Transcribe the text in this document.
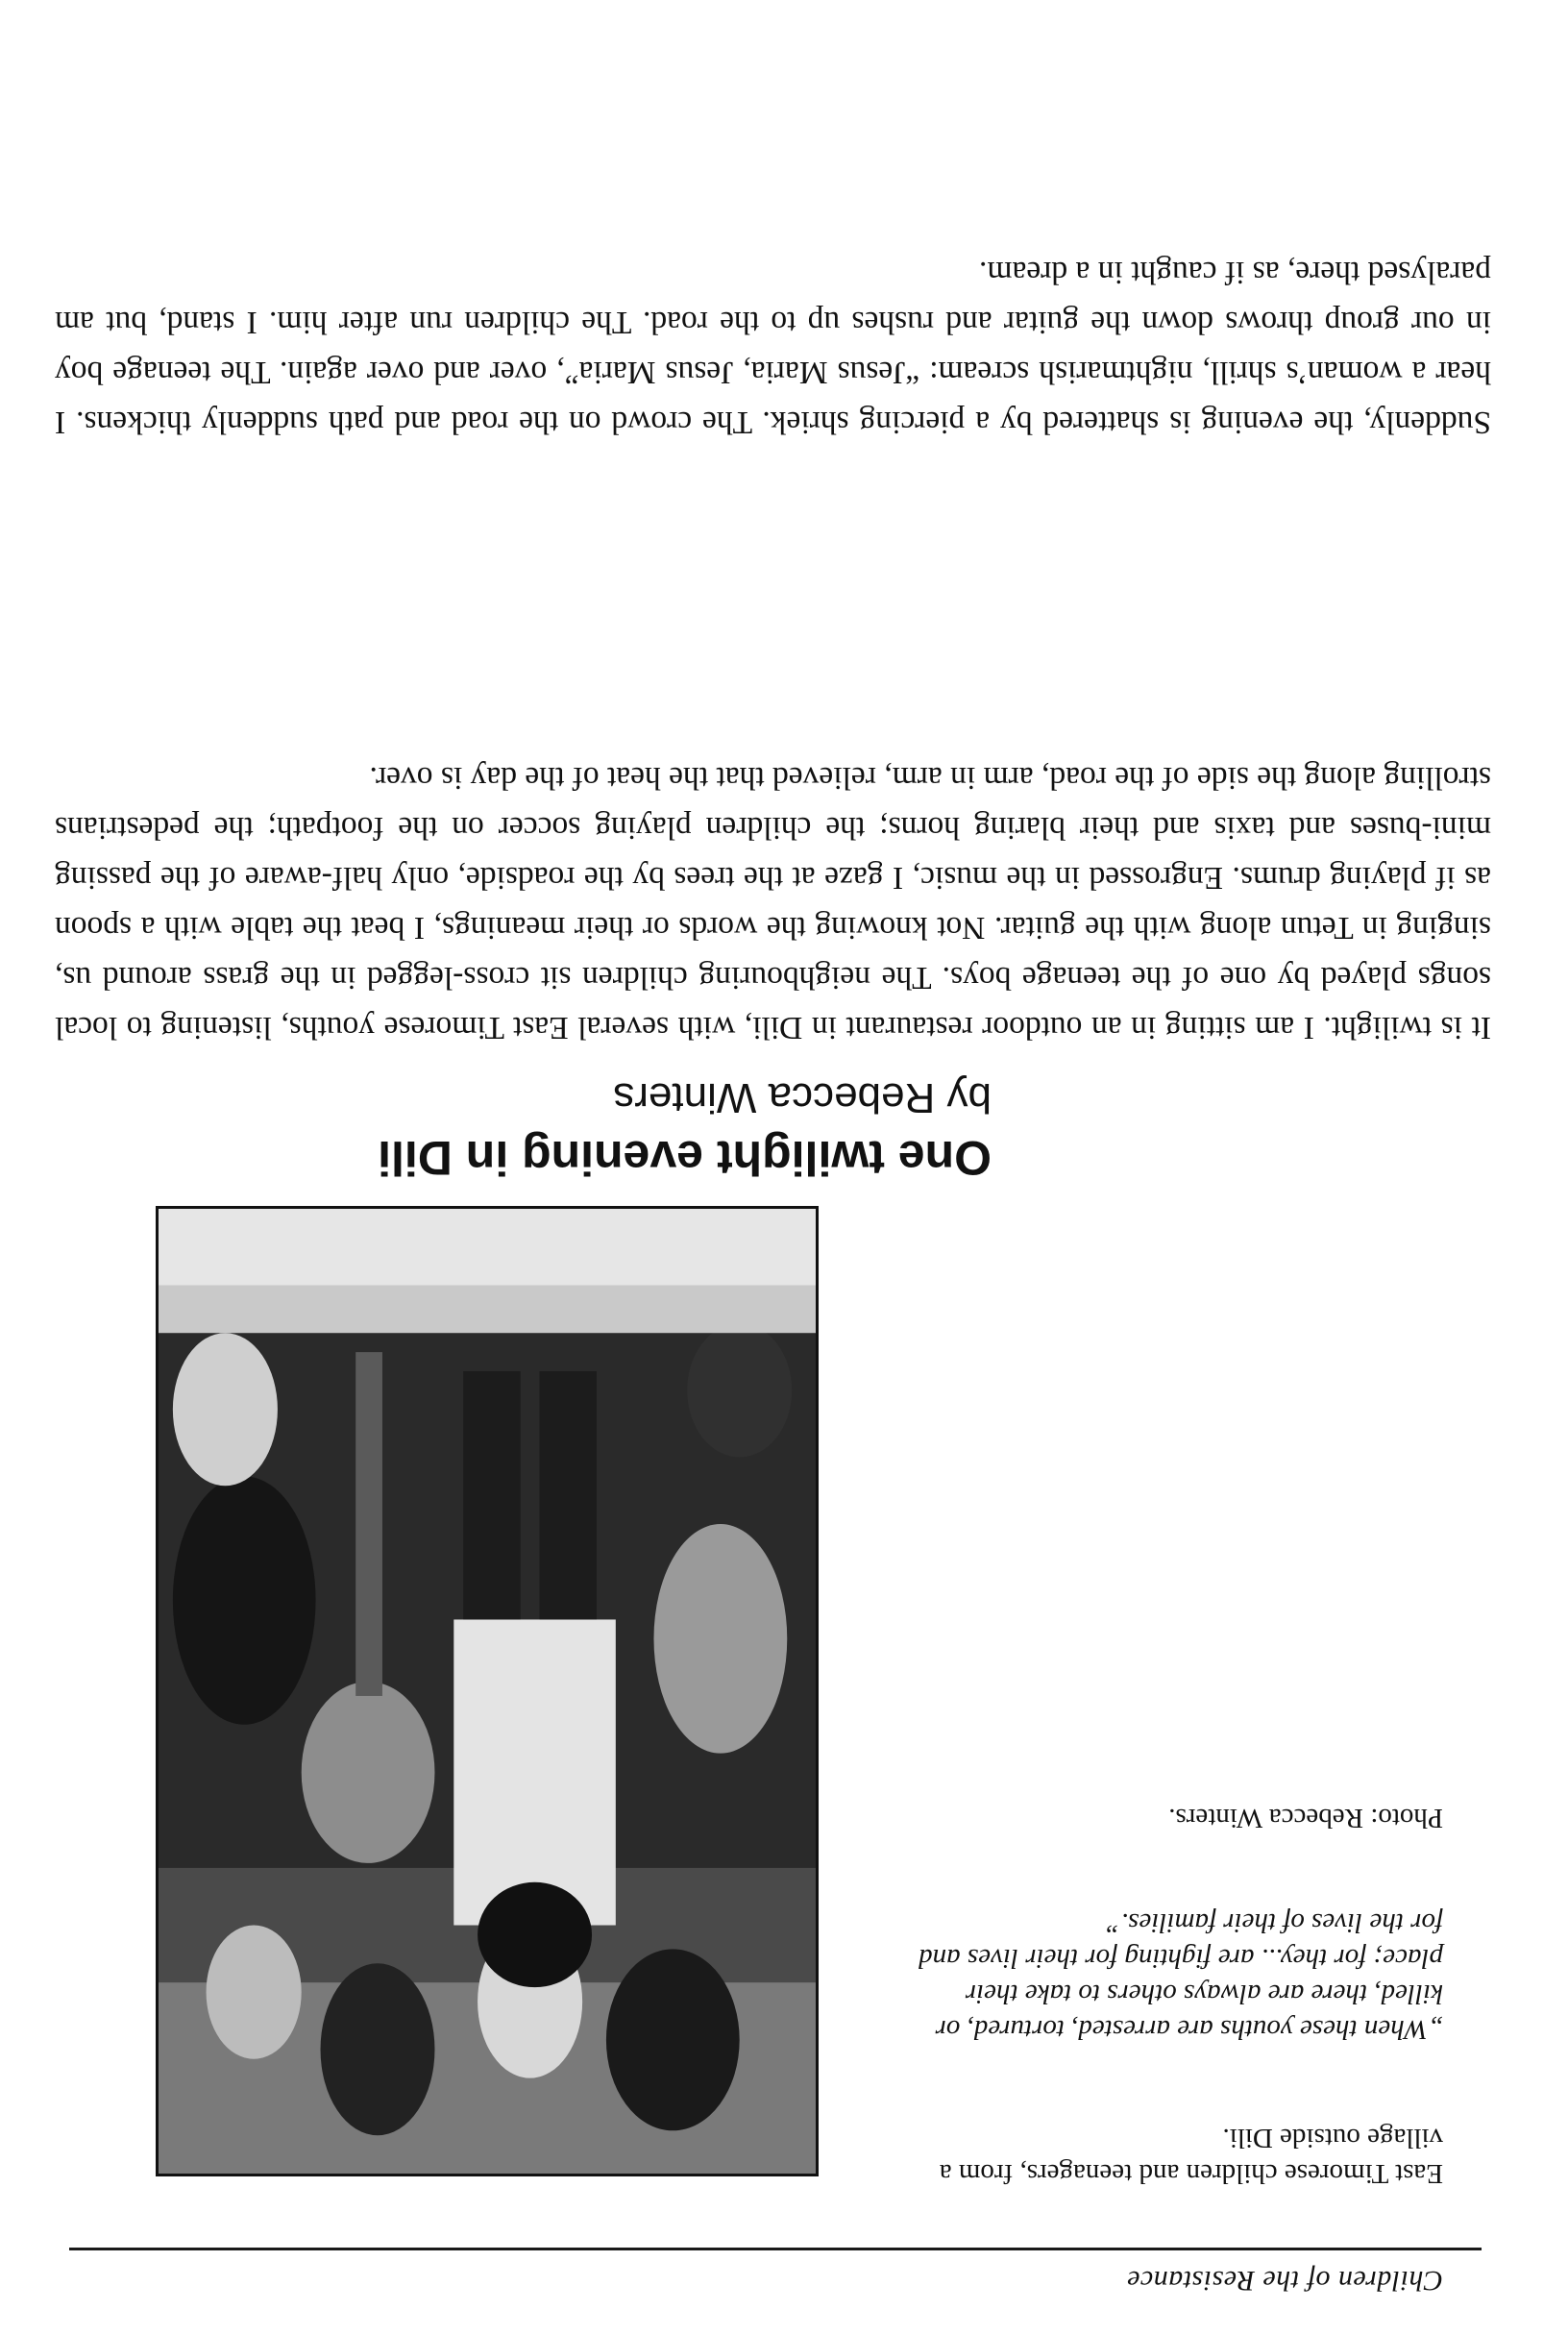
Children of the Resistance
East Timorese children and teenagers, from a village outside Dili.
„When these youths are arrested, tortured, or killed, there are always others to take their place; for they... are fighting for their lives and for the lives of their families.”
Photo: Rebecca Winters.
One twilight evening in Dili
by Rebecca Winters
It is twilight. I am sitting in an outdoor restaurant in Dili, with several East Timorese youths, listening to local songs played by one of the teenage boys. The neighbouring children sit cross-legged in the grass around us, singing in Tetun along with the guitar. Not knowing the words or their meanings, I beat the table with a spoon as if playing drums. Engrossed in the music, I gaze at the trees by the roadside, only half-aware of the passing mini-buses and taxis and their blaring horns; the children playing soccer on the footpath; the pedestrians strolling along the side of the road, arm in arm, relieved that the heat of the day is over.
Suddenly, the evening is shattered by a piercing shriek. The crowd on the road and path suddenly thickens. I hear a woman’s shrill, nightmarish scream: “Jesus Maria, Jesus Maria”, over and over again. The teenage boy in our group throws down the guitar and rushes up to the road. The children run after him. I stand, but am paralysed there, as if caught in a dream.
